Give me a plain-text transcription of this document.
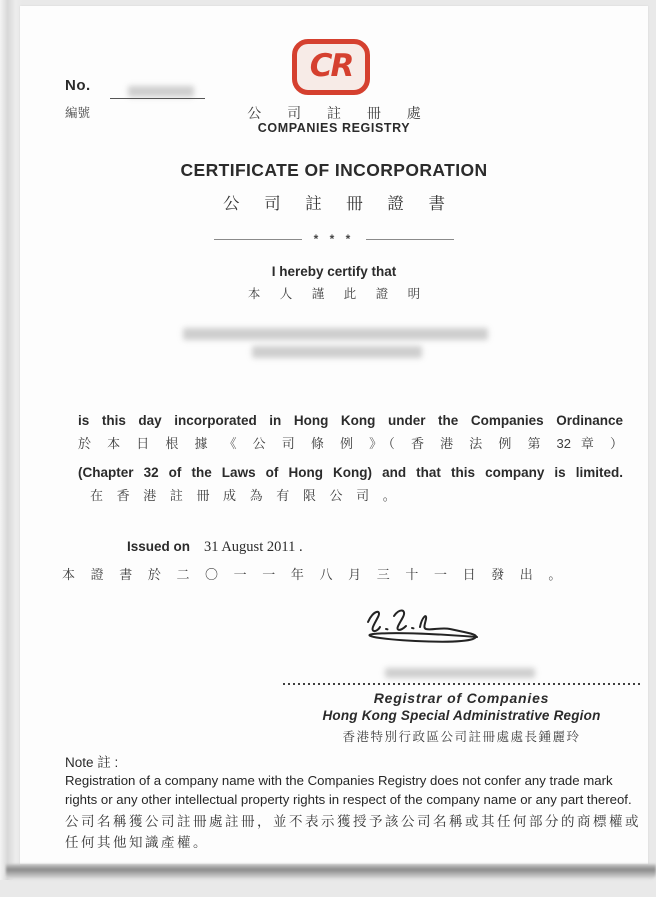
No.
編號
CR
公 司 註 冊 處
COMPANIES REGISTRY
CERTIFICATE OF INCORPORATION
公 司 註 冊 證 書
* * *
I hereby certify that
本 人 謹 此 證 明
is this day incorporated in Hong Kong under the Companies Ordinance
於 本 日 根 據 《 公 司 條 例 》（ 香 港 法 例 第 32 章 ）
(Chapter 32 of the Laws of Hong Kong) and that this company is limited.
在 香 港 註 冊 成 為 有 限 公 司 。
Issued on 31 August 2011 .
本 證 書 於 二 〇 一 一 年 八 月 三 十 一 日 發 出 。
Registrar of Companies
Hong Kong Special Administrative Region
香港特別行政區公司註冊處處長鍾麗玲
Note 註 :

Registration of a company name with the Companies Registry does not confer any trade mark rights or any other intellectual property rights in respect of the company name or any part thereof.

公司名稱獲公司註冊處註冊，並不表示獲授予該公司名稱或其任何部分的商標權或任何其他知識產權。
